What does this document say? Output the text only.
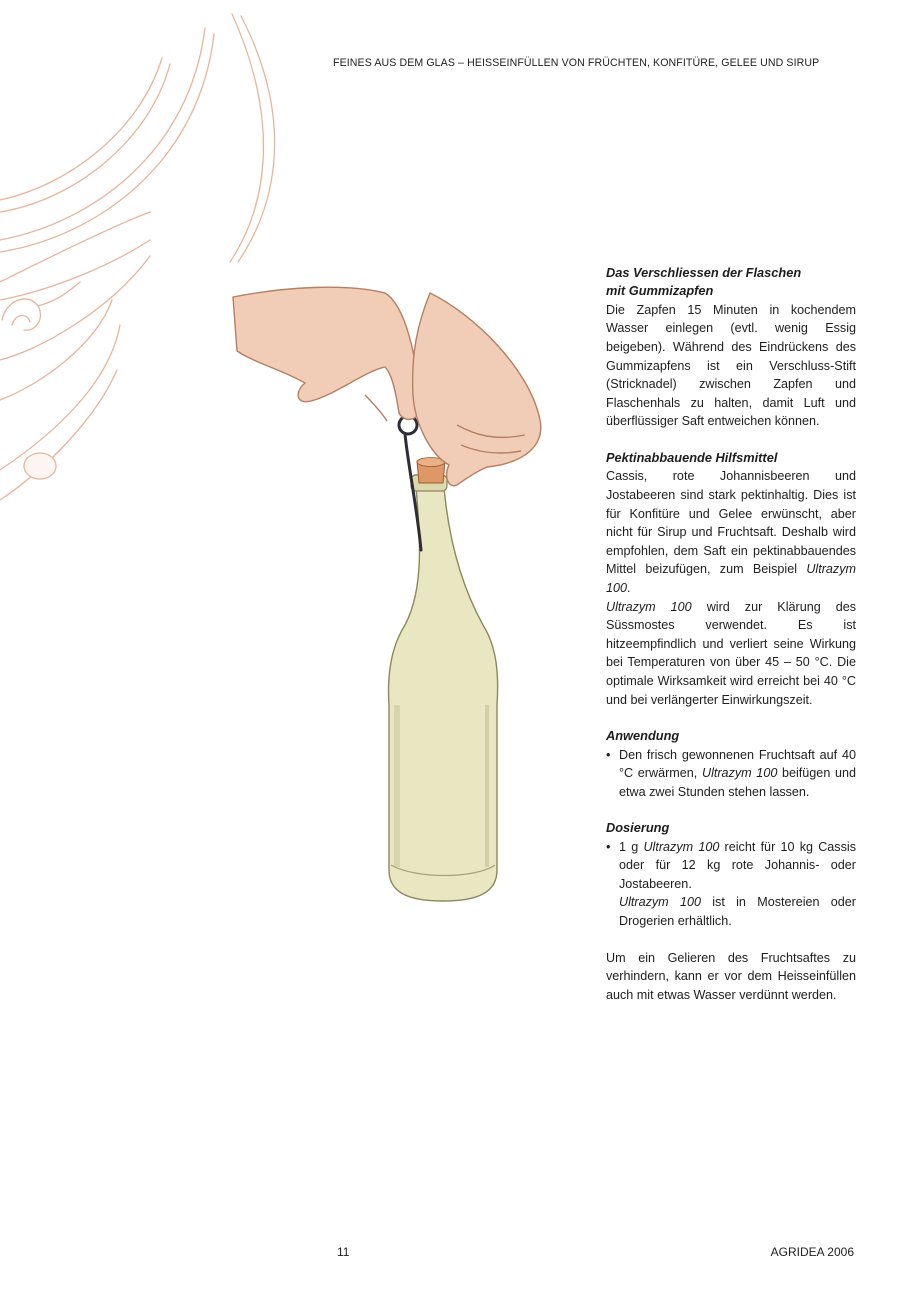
FEINES AUS DEM GLAS – HEISSEINFÜLLEN VON FRÜCHTEN, KONFITÜRE, GELEE UND SIRUP
Das Verschliessen der Flaschen
mit Gummizapfen

Die Zapfen 15 Minuten in kochendem Wasser einlegen (evtl. wenig Essig beigeben). Während des Eindrückens des Gummizapfens ist ein Verschluss-Stift (Stricknadel) zwischen Zapfen und Flaschenhals zu halten, damit Luft und überflüssiger Saft entweichen können.

Pektinabbauende Hilfsmittel

Cassis, rote Johannisbeeren und Jostabeeren sind stark pektinhaltig. Dies ist für Konfitüre und Gelee erwünscht, aber nicht für Sirup und Fruchtsaft. Deshalb wird empfohlen, dem Saft ein pektinabbauendes Mittel beizufügen, zum Beispiel Ultrazym 100.

Ultrazym 100 wird zur Klärung des Süssmostes verwendet. Es ist hitzeempfindlich und verliert seine Wirkung bei Temperaturen von über 45 – 50 °C. Die optimale Wirksamkeit wird erreicht bei 40 °C und bei verlängerter Einwirkungszeit.

Anwendung
• Den frisch gewonnenen Fruchtsaft auf 40 °C erwärmen, Ultrazym 100 beifügen und etwa zwei Stunden stehen lassen.

Dosierung
• 1 g Ultrazym 100 reicht für 10 kg Cassis oder für 12 kg rote Johannis- oder Jostabeeren.

Ultrazym 100 ist in Mostereien oder Drogerien erhältlich.

Um ein Gelieren des Fruchtsaftes zu verhindern, kann er vor dem Heisseinfüllen auch mit etwas Wasser verdünnt werden.

11	AGRIDEA 2006
